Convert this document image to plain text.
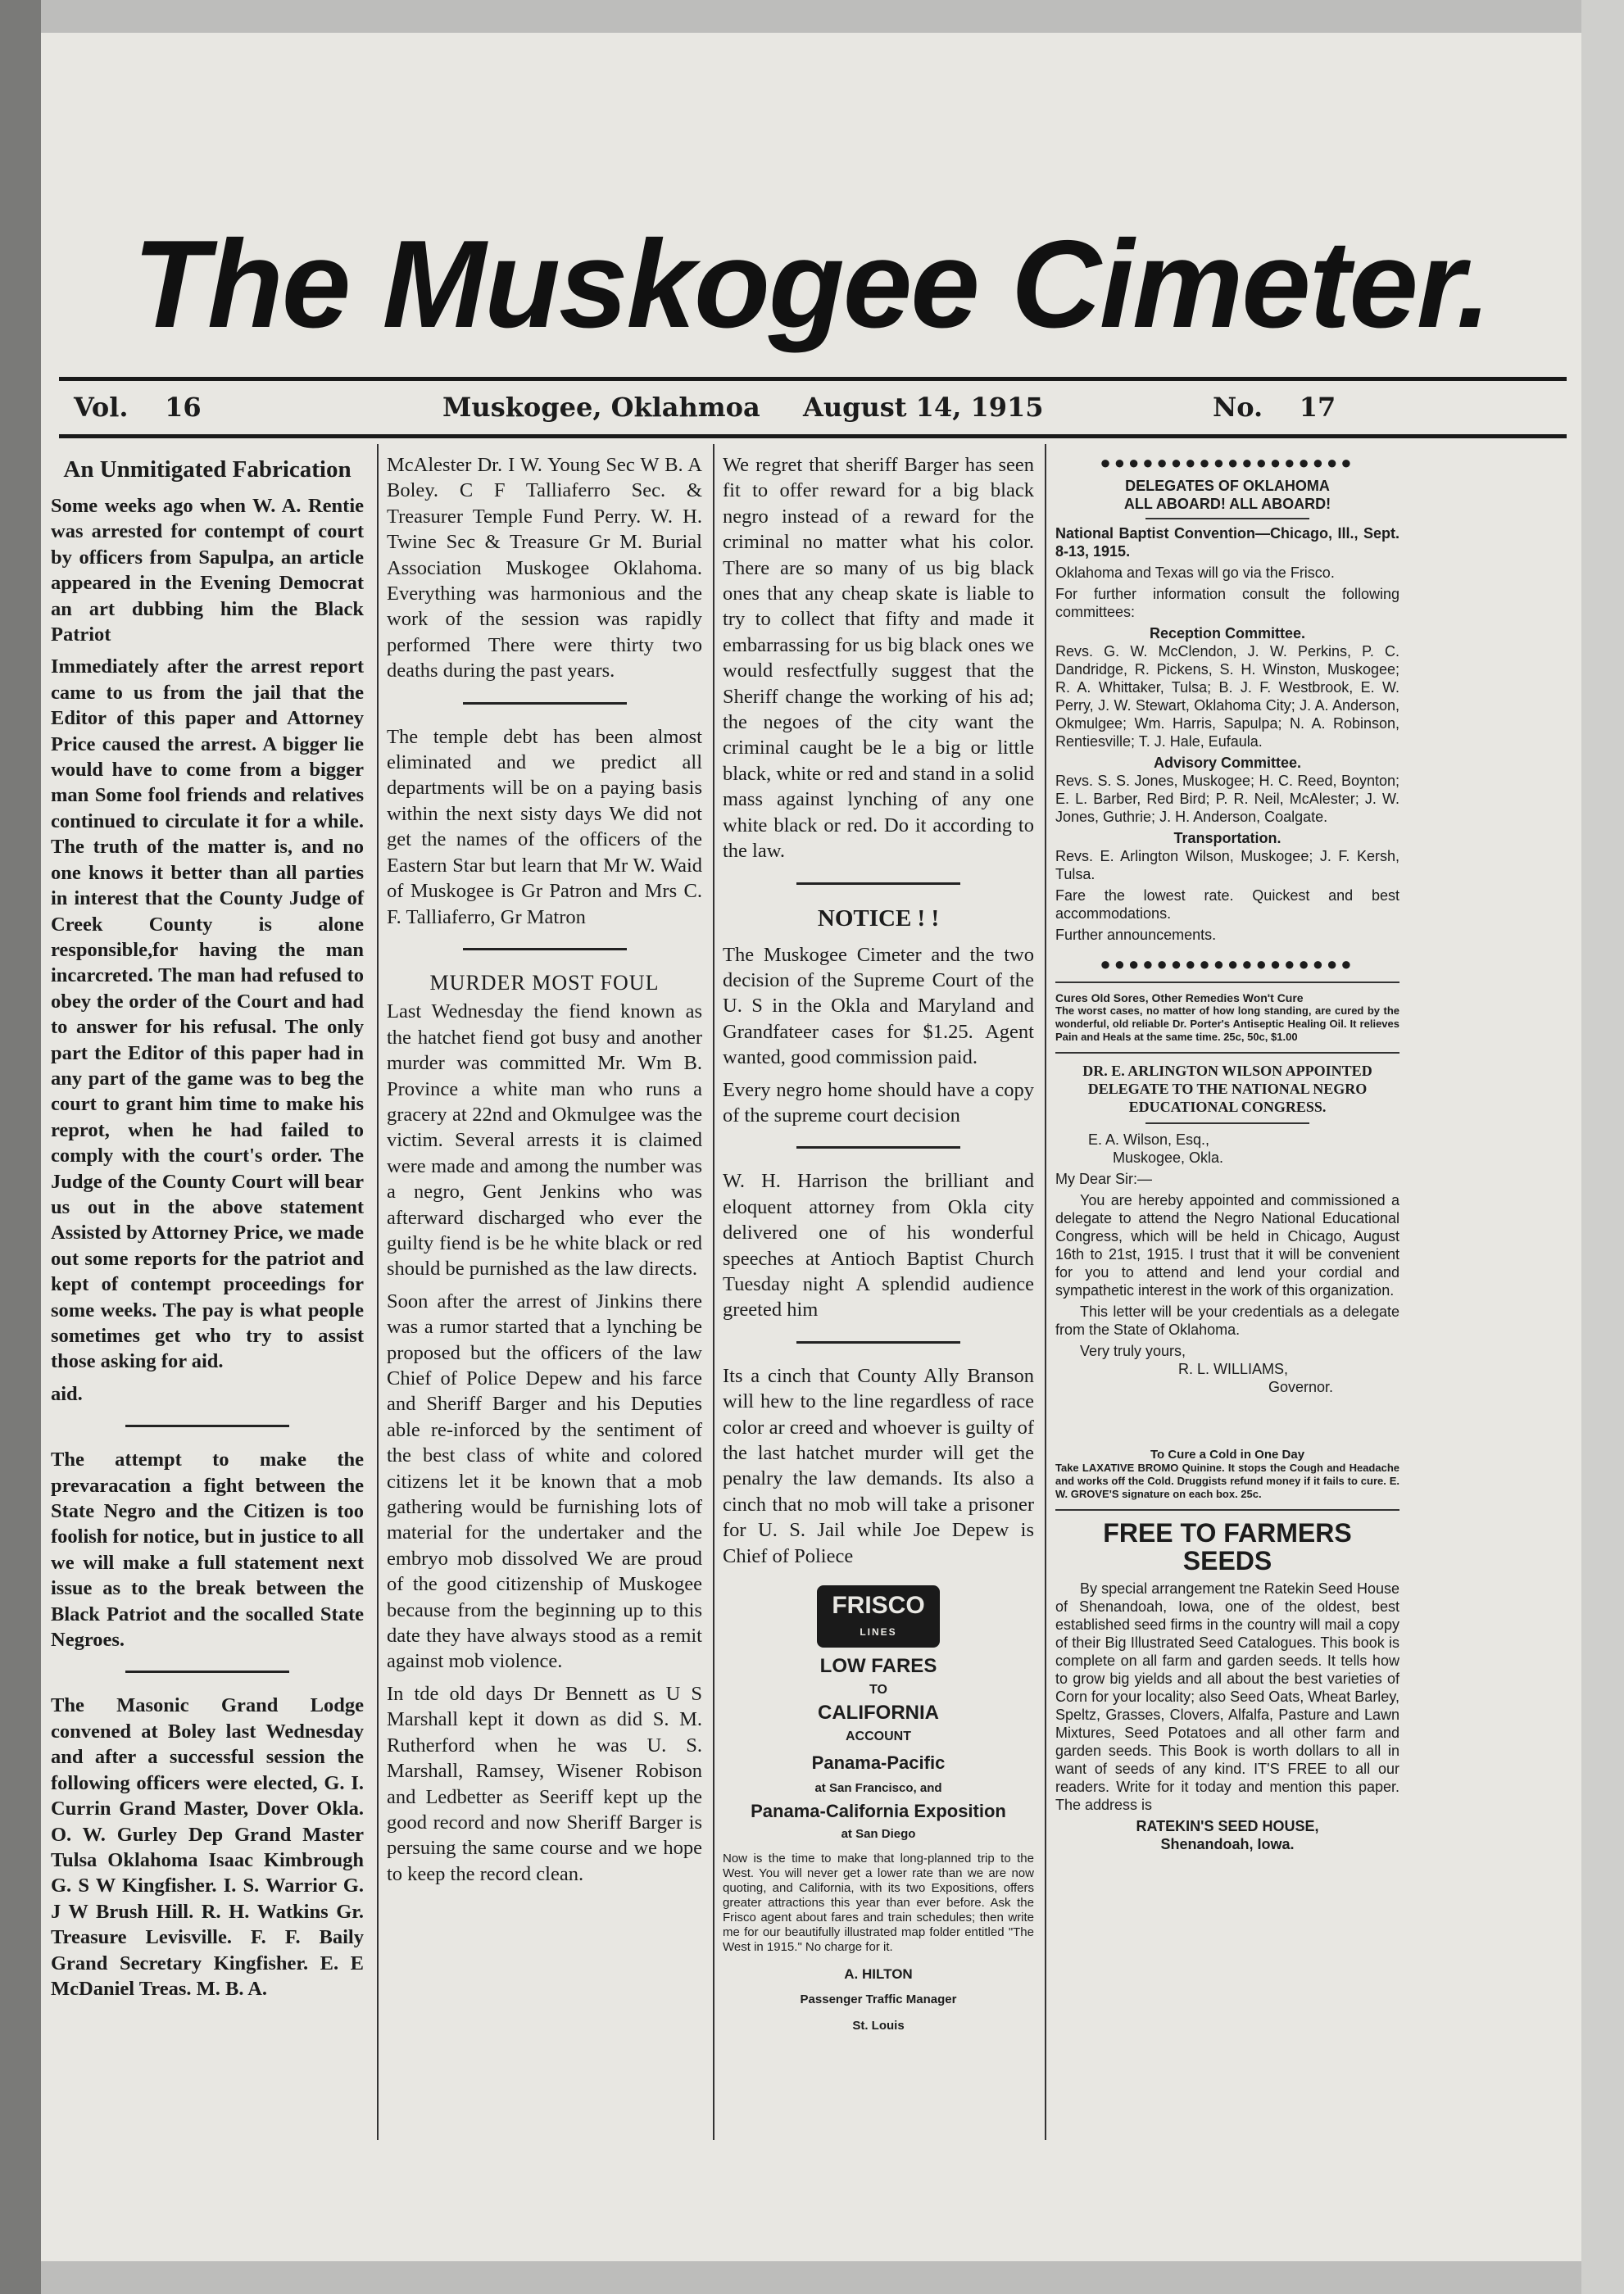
The Muskogee Cimeter.
Vol. 16	Muskogee, Oklahmoa August 14, 1915	No. 17
An Unmitigated Fabrication

Some weeks ago when W. A. Rentie was arrested for contempt of court by officers from Sapulpa, an article appeared in the Evening Democrat an art dubbing him the Black Patriot

Immediately after the arrest report came to us from the jail that the Editor of this paper and Attorney Price caused the arrest. A bigger lie would have to come from a bigger man Some fool friends and relatives continued to circulate it for a while. The truth of the matter is, and no one knows it better than all parties in interest that the County Judge of Creek County is alone responsible,for having the man incarcreted. The man had refused to obey the order of the Court and had to answer for his refusal. The only part the Editor of this paper had in any part of the game was to beg the court to grant him time to make his reprot, when he had failed to comply with the court's order. The Judge of the County Court will bear us out in the above statement Assisted by Attorney Price, we made out some reports for the patriot and kept of contempt proceedings for some weeks. The pay is what people sometimes get who try to assist those asking for aid.

aid.

The attempt to make the prevaracation a fight between the State Negro and the Citizen is too foolish for notice, but in justice to all we will make a full statement next issue as to the break between the Black Patriot and the socalled State Negroes.

The Masonic Grand Lodge convened at Boley last Wednesday and after a successful session the following officers were elected, G. I. Currin Grand Master, Dover Okla. O. W. Gurley Dep Grand Master Tulsa Oklahoma Isaac Kimbrough G. S W Kingfisher. I. S. Warrior G. J W Brush Hill. R. H. Watkins Gr. Treasure Levisville. F. F. Baily Grand Secretary Kingfisher. E. E McDaniel Treas. M. B. A.

McAlester Dr. I W. Young Sec W B. A Boley. C F Talliaferro Sec. & Treasurer Temple Fund Perry. W. H. Twine Sec & Treasure Gr M. Burial Association Muskogee Oklahoma. Everything was harmonious and the work of the session was rapidly performed There were thirty two deaths during the past years.

The temple debt has been almost eliminated and we predict all departments will be on a paying basis within the next sisty days We did not get the names of the officers of the Eastern Star but learn that Mr W. Waid of Muskogee is Gr Patron and Mrs C. F. Talliaferro, Gr Matron

MURDER MOST FOUL

Last Wednesday the fiend known as the hatchet fiend got busy and another murder was committed Mr. Wm B. Province a white man who runs a gracery at 22nd and Okmulgee was the victim. Several arrests it is claimed were made and among the number was a negro, Gent Jenkins who was afterward discharged who ever the guilty fiend is be he white black or red should be purnished as the law directs.

Soon after the arrest of Jinkins there was a rumor started that a lynching be proposed but the officers of the law Chief of Police Depew and his farce and Sheriff Barger and his Deputies able re-inforced by the sentiment of the best class of white and colored citizens let it be known that a mob gathering would be furnishing lots of material for the undertaker and the embryo mob dissolved We are proud of the good citizenship of Muskogee because from the beginning up to this date they have always stood as a remit against mob violence.

In tde old days Dr Bennett as U S Marshall kept it down as did S. M. Rutherford when he was U. S. Marshall, Ramsey, Wisener Robison and Ledbetter as Seeriff kept up the good record and now Sheriff Barger is persuing the same course and we hope to keep the record clean.

We regret that sheriff Barger has seen fit to offer reward for a big black negro instead of a reward for the criminal no matter what his color. There are so many of us big black ones that any cheap skate is liable to try to collect that fifty and made it embarrassing for us big black ones we would resfectfully suggest that the Sheriff change the working of his ad; the negoes of the city want the criminal caught be le a big or little black, white or red and stand in a solid mass against lynching of any one white black or red. Do it according to the law.

NOTICE ! !

The Muskogee Cimeter and the two decision of the Supreme Court of the U. S in the Okla and Maryland and Grandfateer cases for $1.25. Agent wanted, good commission paid.

Every negro home should have a copy of the supreme court decision

W. H. Harrison the brilliant and eloquent attorney from Okla city delivered one of his wonderful speeches at Antioch Baptist Church Tuesday night A splendid audience greeted him

Its a cinch that County Ally Branson will hew to the line regardless of race color ar creed and whoever is guilty of the last hatchet murder will get the penalry the law demands. Its also a cinch that no mob will take a prisoner for U. S. Jail while Joe Depew is Chief of Poliece

FRISCO
LINES
LOW FARES
TO
CALIFORNIA
ACCOUNT
Panama-Pacific
at San Francisco, and
Panama-California Exposition
at San Diego

Now is the time to make that long-planned trip to the West. You will never get a lower rate than we are now quoting, and California, with its two Expositions, offers greater attractions this year than ever before. Ask the Frisco agent about fares and train schedules; then write me for our beautifully illustrated map folder entitled "The West in 1915." No charge for it.

A. HILTON
Passenger Traffic Manager
St. Louis
●●●●●●●●●●●●●●●●●●
DELEGATES OF OKLAHOMA
ALL ABOARD! ALL ABOARD!

National Baptist Convention—Chicago, Ill., Sept. 8-13, 1915.

Oklahoma and Texas will go via the Frisco.

For further information consult the following committees:

Reception Committee.

Revs. G. W. McClendon, J. W. Perkins, P. C. Dandridge, R. Pickens, S. H. Winston, Muskogee; R. A. Whittaker, Tulsa; B. J. F. Westbrook, E. W. Perry, J. W. Stewart, Oklahoma City; J. A. Anderson, Okmulgee; Wm. Harris, Sapulpa; N. A. Robinson, Rentiesville; T. J. Hale, Eufaula.

Advisory Committee.

Revs. S. S. Jones, Muskogee; H. C. Reed, Boynton; E. L. Barber, Red Bird; P. R. Neil, McAlester; J. W. Jones, Guthrie; J. H. Anderson, Coalgate.

Transportation.

Revs. E. Arlington Wilson, Muskogee; J. F. Kersh, Tulsa.

Fare the lowest rate. Quickest and best accommodations.

Further announcements.

●●●●●●●●●●●●●●●●●●
Cures Old Sores, Other Remedies Won't Cure
The worst cases, no matter of how long standing, are cured by the wonderful, old reliable Dr. Porter's Antiseptic Healing Oil. It relieves Pain and Heals at the same time. 25c, 50c, $1.00
DR. E. ARLINGTON WILSON APPOINTED DELEGATE TO THE NATIONAL NEGRO EDUCATIONAL CONGRESS.

E. A. Wilson, Esq.,

Muskogee, Okla.

My Dear Sir:—

You are hereby appointed and commissioned a delegate to attend the Negro National Educational Congress, which will be held in Chicago, August 16th to 21st, 1915. I trust that it will be convenient for you to attend and lend your cordial and sympathetic interest in the work of this organization.

This letter will be your credentials as a delegate from the State of Oklahoma.

Very truly yours,

R. L. WILLIAMS,

Governor.

To Cure a Cold in One Day
Take LAXATIVE BROMO Quinine. It stops the Cough and Headache and works off the Cold. Druggists refund money if it fails to cure. E. W. GROVE'S signature on each box. 25c.
FREE TO FARMERS
SEEDS

By special arrangement tne Ratekin Seed House of Shenandoah, Iowa, one of the oldest, best established seed firms in the country will mail a copy of their Big Illustrated Seed Catalogues. This book is complete on all farm and garden seeds. It tells how to grow big yields and all about the best varieties of Corn for your locality; also Seed Oats, Wheat Barley, Speltz, Grasses, Clovers, Alfalfa, Pasture and Lawn Mixtures, Seed Potatoes and all other farm and garden seeds. This Book is worth dollars to all in want of seeds of any kind. IT'S FREE to all our readers. Write for it today and mention this paper. The address is

RATEKIN'S SEED HOUSE,
Shenandoah, Iowa.
